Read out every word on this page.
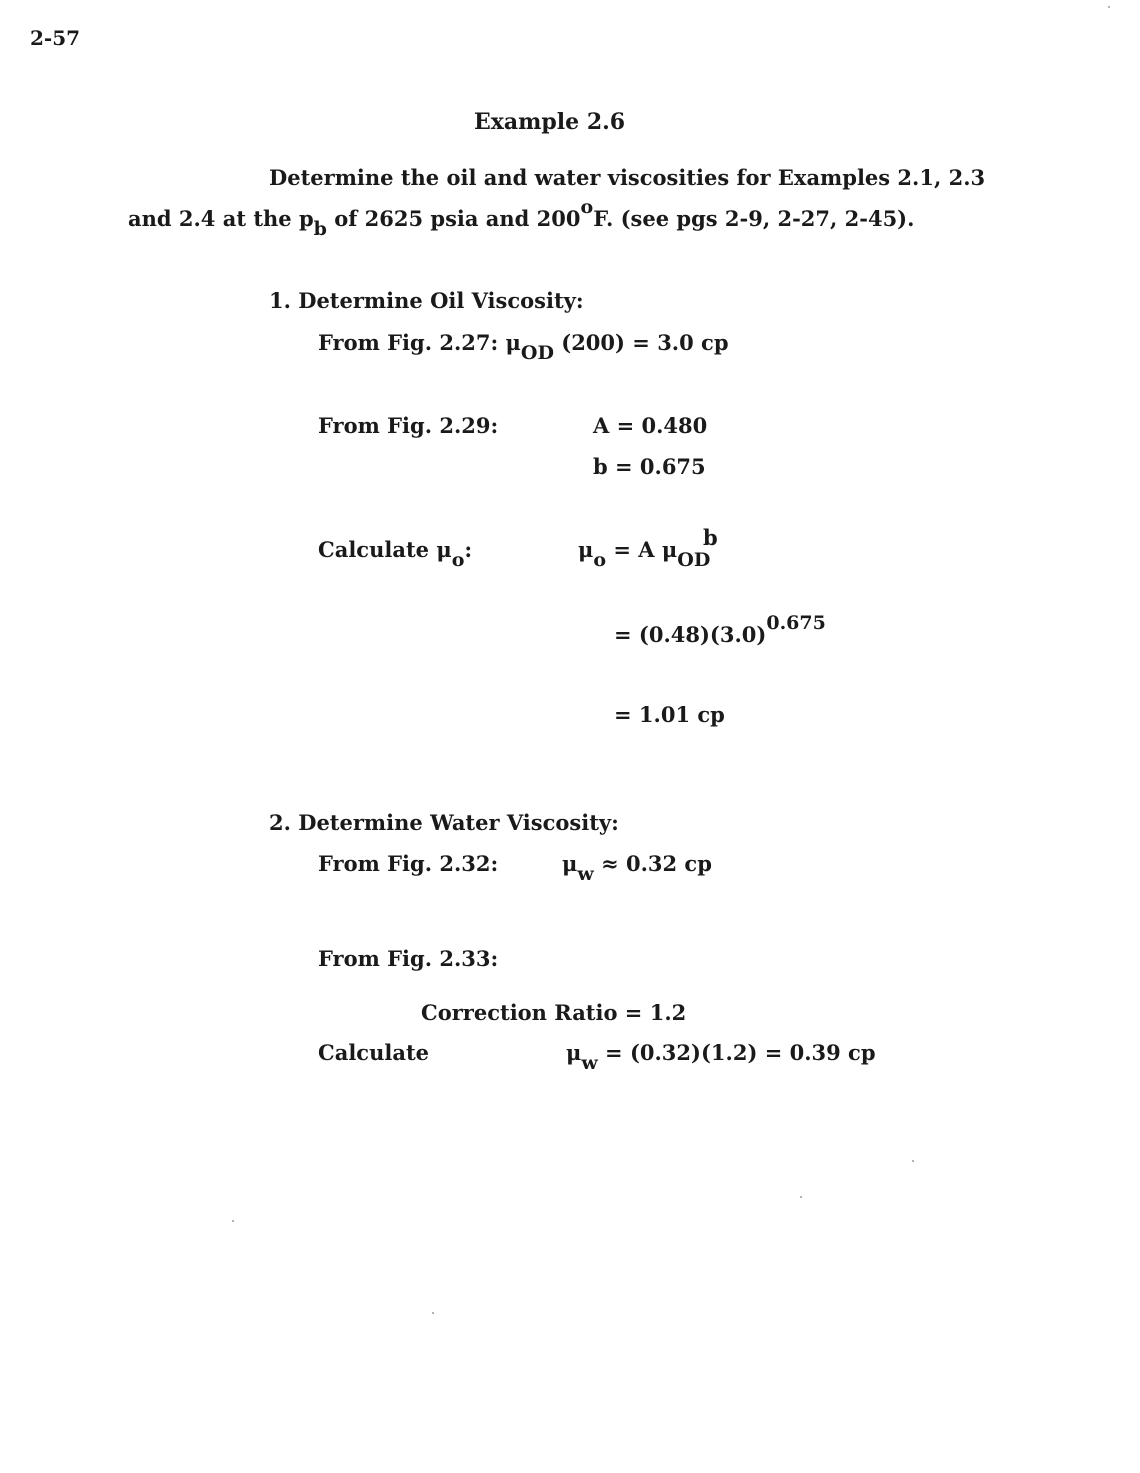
2-57
Example 2.6
Determine the oil and water viscosities for Examples 2.1, 2.3
and 2.4 at the pb of 2625 psia and 200oF. (see pgs 2-9, 2-27, 2-45).
1. Determine Oil Viscosity:
From Fig. 2.27: μOD (200) = 3.0 cp
From Fig. 2.29:	A = 0.480
b = 0.675
Calculate μo:	μo = A μOD
b
= (0.48)(3.0)0.675
= 1.01 cp
2. Determine Water Viscosity:
From Fig. 2.32:	μw ≈ 0.32 cp
From Fig. 2.33:
Correction Ratio = 1.2
Calculate	μw = (0.32)(1.2) = 0.39 cp
